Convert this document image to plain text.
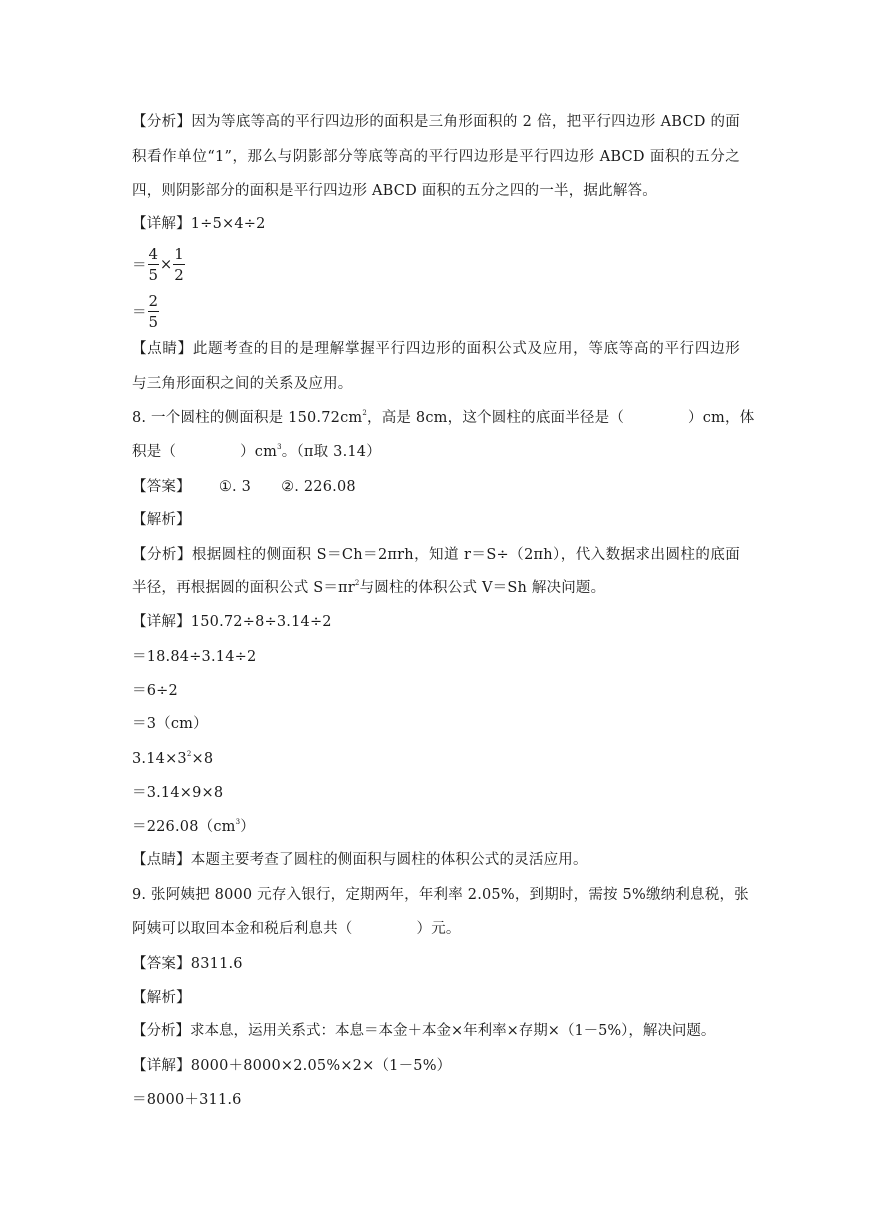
【分析】因为等底等高的平行四边形的面积是三角形面积的 2 倍，把平行四边形 ABCD 的面
积看作单位“1”，那么与阴影部分等底等高的平行四边形是平行四边形 ABCD 面积的五分之
四，则阴影部分的面积是平行四边形 ABCD 面积的五分之四的一半，据此解答。
【详解】1÷5×4÷2
＝ $\frac{4}{5} \times \frac{1}{2}$
＝ $\frac{2}{5}$
【点睛】此题考查的目的是理解掌握平行四边形的面积公式及应用，等底等高的平行四边形
与三角形面积之间的关系及应用。
8. 一个圆柱的侧面积是 $150.72cm^2$，高是 8cm，这个圆柱的底面半径是（	）cm，体
积是（	）$cm^3$。（π取 3.14）
【答案】 ①. 3 ②. 226.08
【解析】
【分析】根据圆柱的侧面积 S＝Ch＝2πrh，知道 r＝S÷（2πh），代入数据求出圆柱的底面
半径，再根据圆的面积公式 $S=\pi r^2$与圆柱的体积公式 V＝Sh 解决问题。
【详解】150.72÷8÷3.14÷2
＝18.84÷3.14÷2
＝6÷2
＝3（cm）
$3.14\times 3^2\times 8$
＝3.14×9×8
$=226.08(cm^3)$
【点睛】本题主要考查了圆柱的侧面积与圆柱的体积公式的灵活应用。
9. 张阿姨把 8000 元存入银行，定期两年，年利率 2.05%，到期时，需按 5%缴纳利息税，张
阿姨可以取回本金和税后利息共（	）元。
【答案】8311.6
【解析】
【分析】求本息，运用关系式：本息＝本金＋本金×年利率×存期×（1－5%），解决问题。
【详解】8000＋8000×2.05%×2×（1－5%）
＝8000＋311.6
